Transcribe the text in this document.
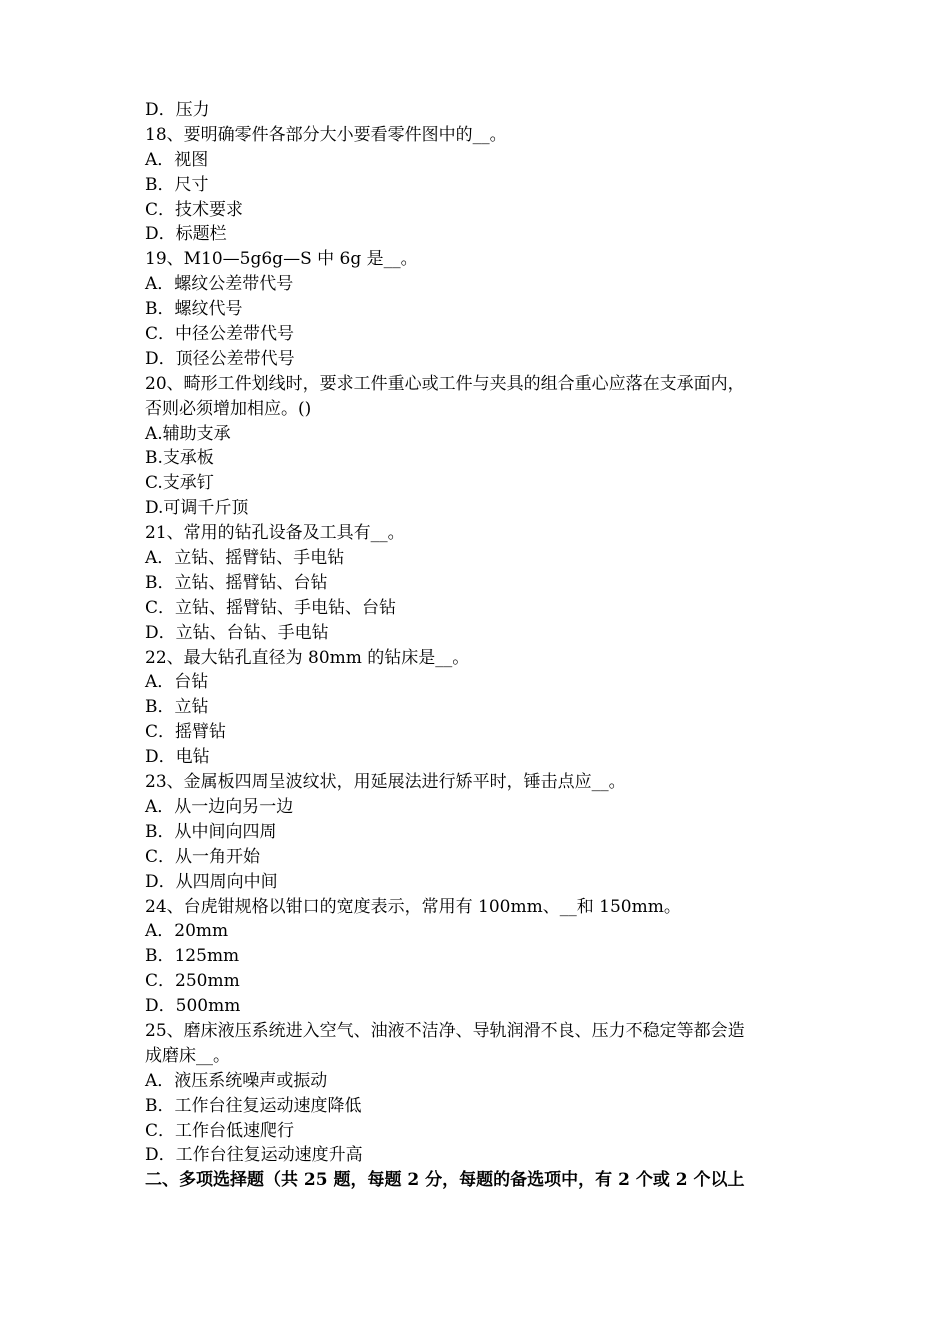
D．压力
18、要明确零件各部分大小要看零件图中的__。
A．视图
B．尺寸
C．技术要求
D．标题栏
19、M10—5g6g—S 中 6g 是__。
A．螺纹公差带代号
B．螺纹代号
C．中径公差带代号
D．顶径公差带代号
20、畸形工件划线时，要求工件重心或工件与夹具的组合重心应落在支承面内，
否则必须增加相应。()
A.辅助支承
B.支承板
C.支承钉
D.可调千斤顶
21、常用的钻孔设备及工具有__。
A．立钻、摇臂钻、手电钻
B．立钻、摇臂钻、台钻
C．立钻、摇臂钻、手电钻、台钻
D．立钻、台钻、手电钻
22、最大钻孔直径为 80mm 的钻床是__。
A．台钻
B．立钻
C．摇臂钻
D．电钻
23、金属板四周呈波纹状，用延展法进行矫平时，锤击点应__。
A．从一边向另一边
B．从中间向四周
C．从一角开始
D．从四周向中间
24、台虎钳规格以钳口的宽度表示，常用有 100mm、__和 150mm。
A．20mm
B．125mm
C．250mm
D．500mm
25、磨床液压系统进入空气、油液不洁净、导轨润滑不良、压力不稳定等都会造
成磨床__。
A．液压系统噪声或振动
B．工作台往复运动速度降低
C．工作台低速爬行
D．工作台往复运动速度升高
二、多项选择题（共 25 题，每题 2 分，每题的备选项中，有 2 个或 2 个以上
